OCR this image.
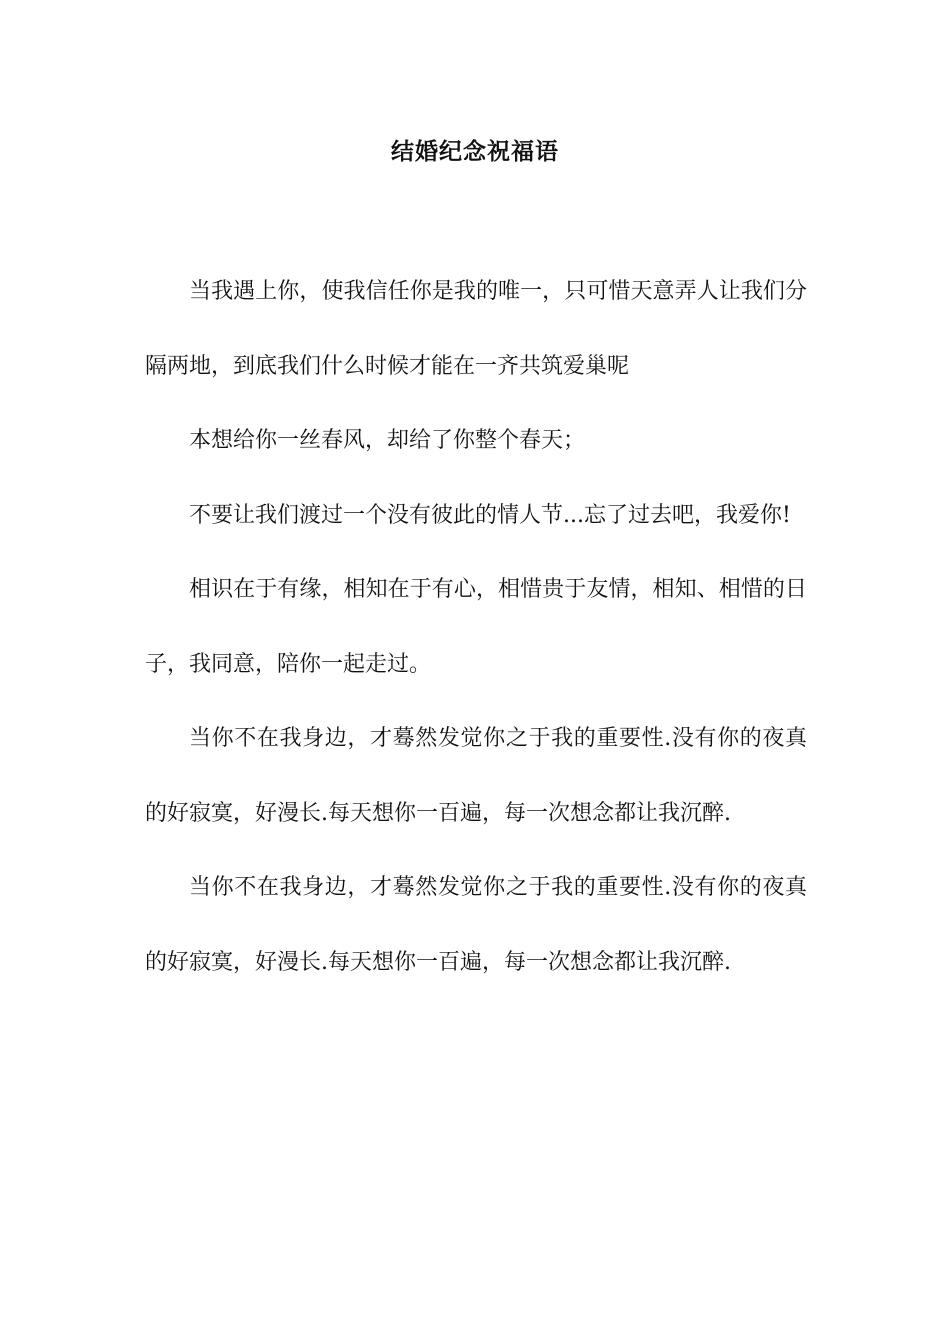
结婚纪念祝福语

当我遇上你，使我信任你是我的唯一，只可惜天意弄人让我们分隔两地，到底我们什么时候才能在一齐共筑爱巢呢

本想给你一丝春风，却给了你整个春天；

不要让我们渡过一个没有彼此的情人节...忘了过去吧，我爱你!

相识在于有缘，相知在于有心，相惜贵于友情，相知、相惜的日子，我同意，陪你一起走过。

当你不在我身边，才蓦然发觉你之于我的重要性.没有你的夜真的好寂寞，好漫长.每天想你一百遍，每一次想念都让我沉醉.

当你不在我身边，才蓦然发觉你之于我的重要性.没有你的夜真的好寂寞，好漫长.每天想你一百遍，每一次想念都让我沉醉.
